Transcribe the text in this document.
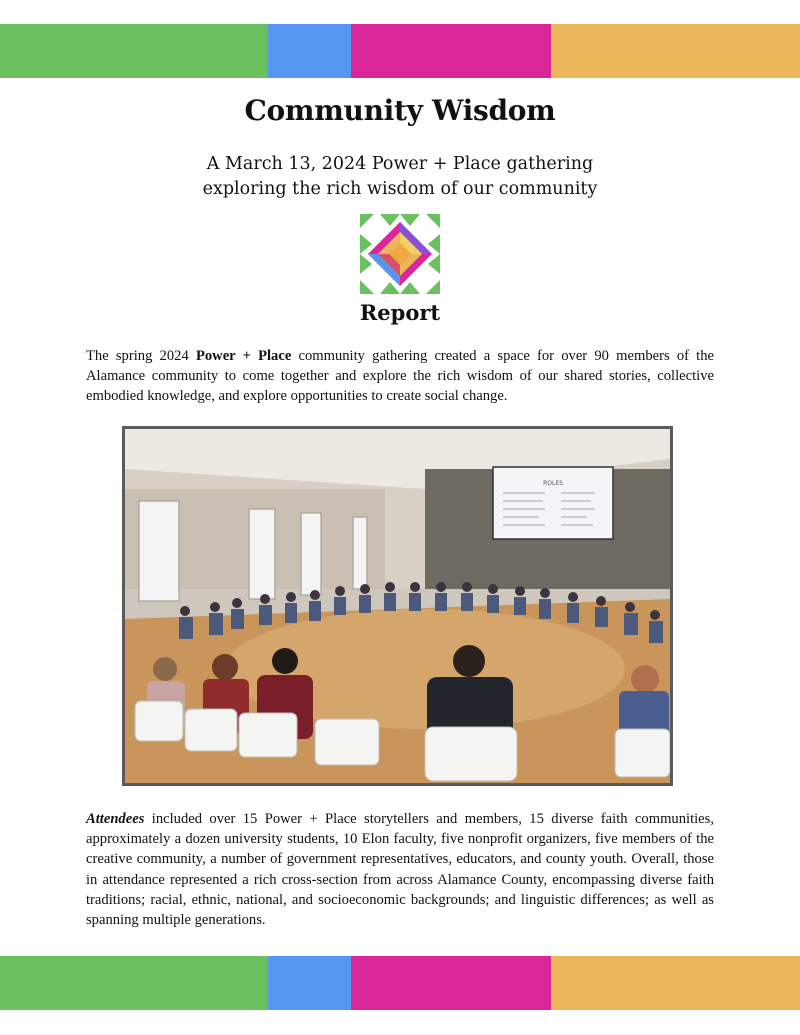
Community Wisdom
A March 13, 2024 Power + Place gathering
exploring the rich wisdom of our community
Report

The spring 2024 Power + Place community gathering created a space for over 90 members of the Alamance community to come together and explore the rich wisdom of our shared stories, collective embodied knowledge, and explore opportunities to create social change.

ROLES

Attendees included over 15 Power + Place storytellers and members, 15 diverse faith communities, approximately a dozen university students, 10 Elon faculty, five nonprofit organizers, five members of the creative community, a number of government representatives, educators, and county youth. Overall, those in attendance represented a rich cross-section from across Alamance County, encompassing diverse faith traditions; racial, ethnic, national, and socioeconomic backgrounds; and linguistic differences; as well as spanning multiple generations.
